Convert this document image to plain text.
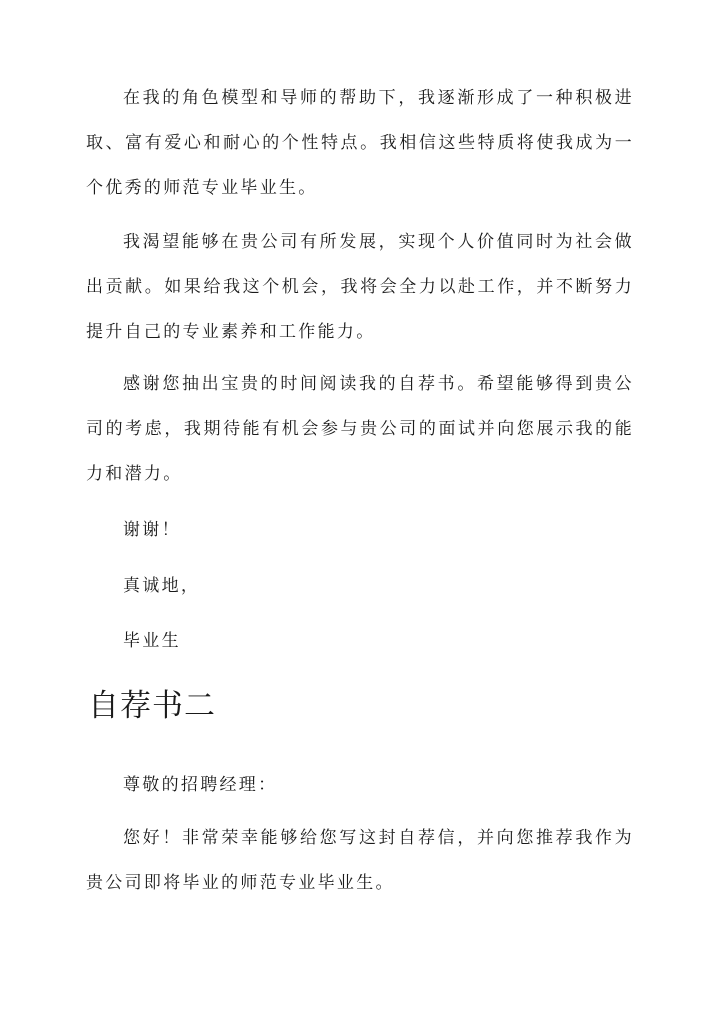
在我的角色模型和导师的帮助下，我逐渐形成了一种积极进取、富有爱心和耐心的个性特点。我相信这些特质将使我成为一个优秀的师范专业毕业生。

我渴望能够在贵公司有所发展，实现个人价值同时为社会做出贡献。如果给我这个机会，我将会全力以赴工作，并不断努力提升自己的专业素养和工作能力。

感谢您抽出宝贵的时间阅读我的自荐书。希望能够得到贵公司的考虑，我期待能有机会参与贵公司的面试并向您展示我的能力和潜力。

谢谢！

真诚地，

毕业生

自荐书二

尊敬的招聘经理：

您好！非常荣幸能够给您写这封自荐信，并向您推荐我作为贵公司即将毕业的师范专业毕业生。
